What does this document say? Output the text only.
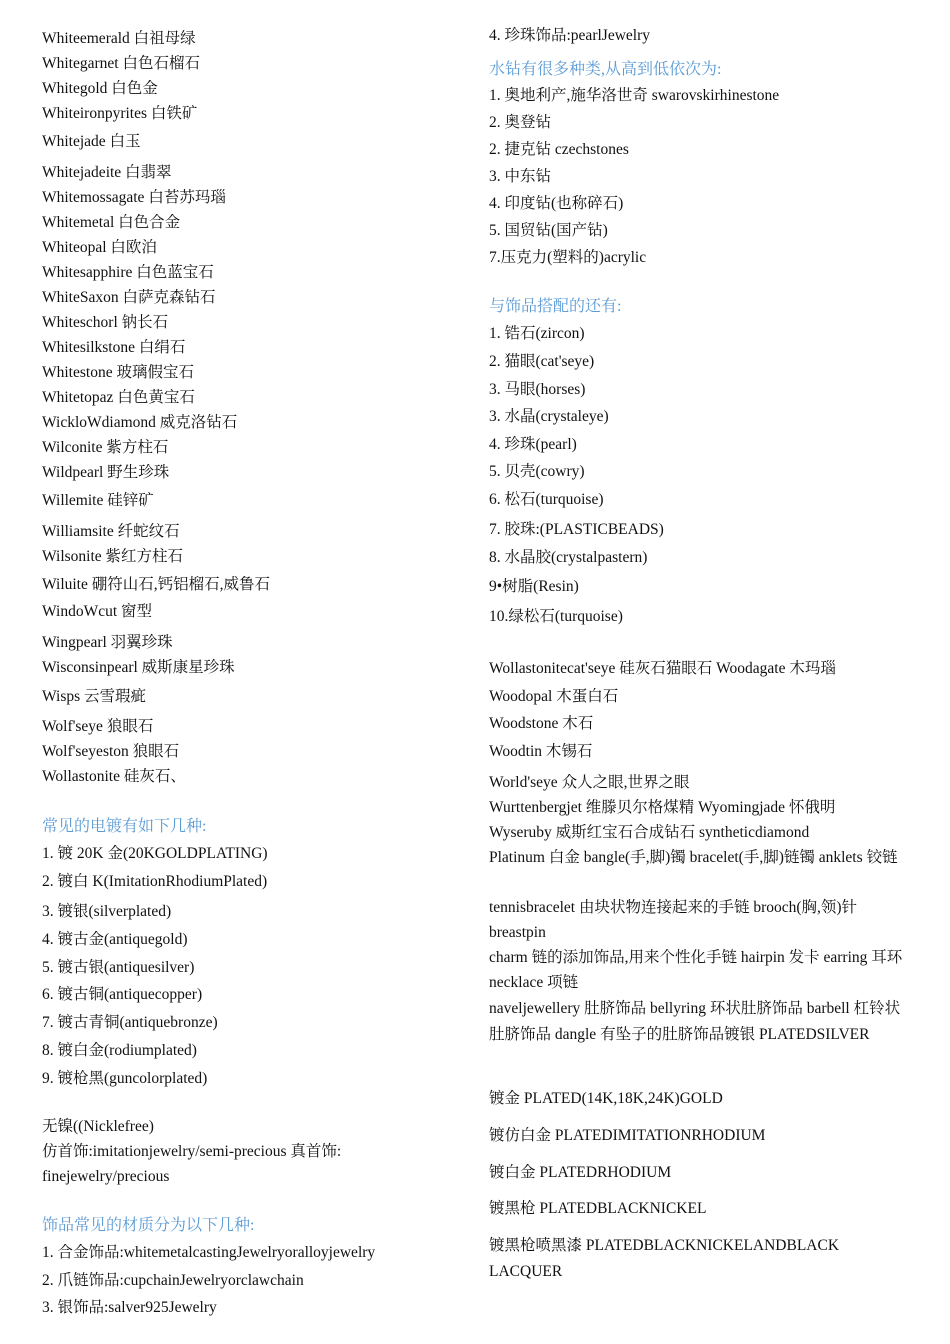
Whiteemerald 白祖母绿
Whitegarnet 白色石榴石
Whitegold 白色金
Whiteironpyrites 白铁矿
Whitejade 白玉
Whitejadeite 白翡翠
Whitemossagate 白苔苏玛瑙
Whitemetal 白色合金
Whiteopal 白欧泊
Whitesapphire 白色蓝宝石
WhiteSaxon 白萨克森钻石
Whiteschorl 钠长石
Whitesilkstone 白绢石
Whitestone 玻璃假宝石
Whitetopaz 白色黄宝石
WickloWdiamond 威克洛钻石
Wilconite 紫方柱石
Wildpearl 野生珍珠
Willemite 硅锌矿
Williamsite 纤蛇纹石
Wilsonite 紫红方柱石
Wiluite 硼符山石,钙铝榴石,威鲁石
WindoWcut 窗型
Wingpearl 羽翼珍珠
Wisconsinpearl 威斯康星珍珠
Wisps 云雪瑕疵
Wolf'seye 狼眼石
Wolf'seyeston 狼眼石
Wollastonite 硅灰石、
常见的电镀有如下几种:
1. 镀 20K 金(20KGOLDPLATING)
2. 镀白 K(ImitationRhodiumPlated)
3. 镀银(silverplated)
4. 镀古金(antiquegold)
5. 镀古银(antiquesilver)
6. 镀古铜(antiquecopper)
7. 镀古青铜(antiquebronze)
8. 镀白金(rodiumplated)
9. 镀枪黑(guncolorplated)
无镍((Nicklefree)
仿首饰:imitationjewelry/semi-precious 真首饰:
finejewelry/precious
饰品常见的材质分为以下几种:
1. 合金饰品:whitemetalcastingJewelryoralloyjewelry
2. 爪链饰品:cupchainJewelryorclawchain
3. 银饰品:salver925Jewelry
4. 珍珠饰品:pearlJewelry
水钻有很多种类,从高到低依次为:
1. 奥地利产,施华洛世奇 swarovskirhinestone
2. 奥登钻
2. 捷克钻 czechstones
3. 中东钻
4. 印度钻(也称碎石)
5. 国贸钻(国产钻)
7.压克力(塑料的)acrylic
与饰品搭配的还有:
1. 锆石(zircon)
2. 猫眼(cat'seye)
3. 马眼(horses)
3. 水晶(crystaleye)
4. 珍珠(pearl)
5. 贝壳(cowry)
6. 松石(turquoise)
7. 胶珠:(PLASTICBEADS)
8. 水晶胶(crystalpastern)
9•树脂(Resin)
10.绿松石(turquoise)
Wollastonitecat'seye 硅灰石猫眼石 Woodagate 木玛瑙
Woodopal 木蛋白石
Woodstone 木石
Woodtin 木锡石
World'seye 众人之眼,世界之眼
Wurttenbergjet 维滕贝尔格煤精 Wyomingjade 怀俄明
Wyseruby 威斯红宝石合成钻石 syntheticdiamond
Platinum 白金 bangle(手,脚)镯 bracelet(手,脚)链镯 anklets 铰链
tennisbracelet 由块状物连接起来的手链 brooch(胸,领)针 breastpin
charm 链的添加饰品,用来个性化手链 hairpin 发卡 earring 耳环 necklace 项链
naveljewellery 肚脐饰品 bellyring 环状肚脐饰品 barbell 杠铃状肚脐饰品 dangle 有坠子的肚脐饰品镀银 PLATEDSILVER
镀金 PLATED(14K,18K,24K)GOLD
镀仿白金 PLATEDIMITATIONRHODIUM
镀白金 PLATEDRHODIUM
镀黑枪 PLATEDBLACKNICKEL
镀黑枪喷黑漆 PLATEDBLACKNICKELANDBLACK LACQUER
